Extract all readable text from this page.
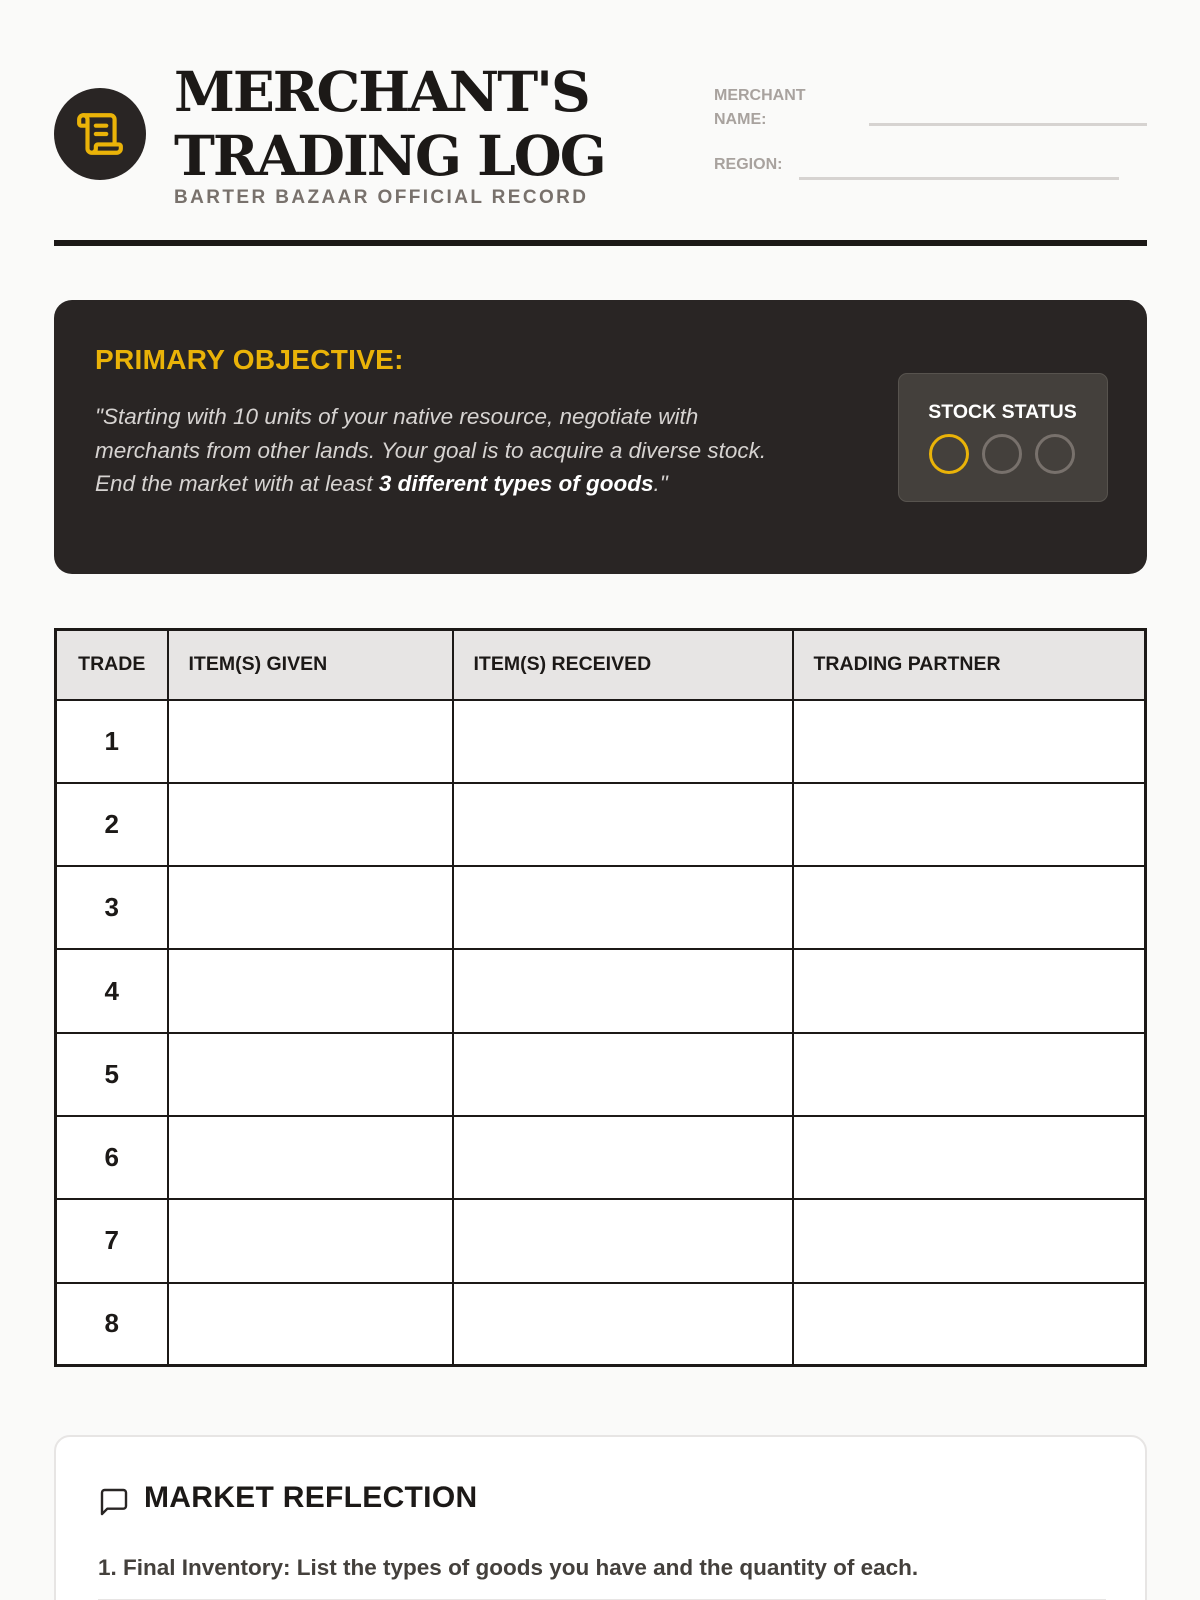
MERCHANT'S
TRADING LOG
BARTER BAZAAR OFFICIAL RECORD
MERCHANT
NAME:
REGION:
PRIMARY OBJECTIVE:
"Starting with 10 units of your native resource, negotiate with merchants from other lands. Your goal is to acquire a diverse stock. End the market with at least 3 different types of goods."
STOCK STATUS
TRADE	ITEM(S) GIVEN	ITEM(S) RECEIVED	TRADING PARTNER
1			
2			
3			
4			
5			
6			
7			
8			
MARKET REFLECTION
1. Final Inventory: List the types of goods you have and the quantity of each.
